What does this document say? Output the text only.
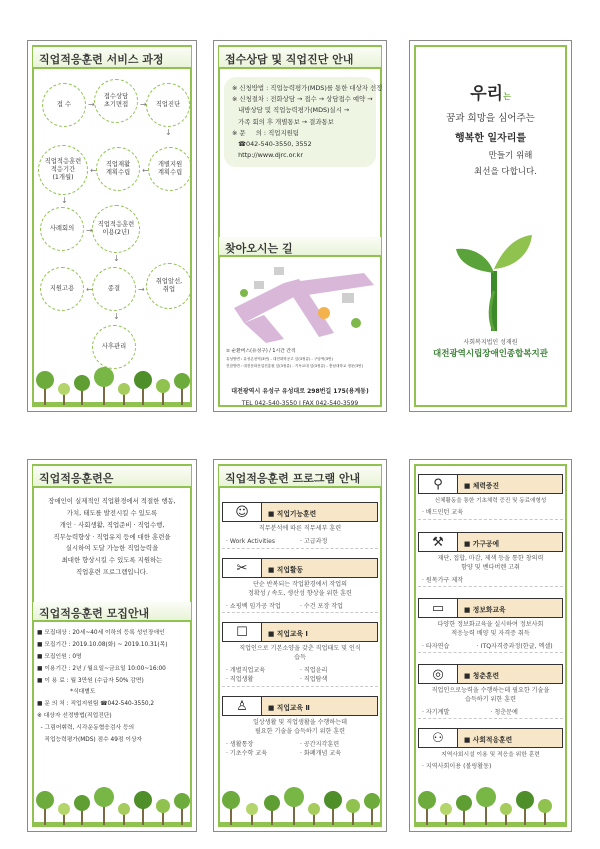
직업적응훈련 서비스 과정
접 수	→
접수상담
초기면접	→	직업진단
↓
직업적응훈련
적응기간
(1개월)
←
직업재활
계획수립	←
개별지원
계획수립
↓
사례회의	→
직업적응훈련
이용(2년)
↓
지원고용	←	종결	→
취업알선,
취업
↓
사후관리
접수상담 및 직업진단 안내
※ 신청방법 : 직업능력평가(MDS)를 통한 대상자 선정
※ 신청절차 : 전화상담 → 접수 → 상담접수 예약 →
내방상담 및 직업능력평가(MDS)실시 →
가족 회의 후 개별통보 → 결과통보
※ 문     의 : 직업지원팀
☎042-540-3550, 3552
http://www.djrc.or.kr
찾아오시는 길
≡ 순환버스(유성구) / 1시간 간격
유성방면 : 유성온천역(3번) - 대전화학공고 앞(3정류) - 구암역(3번)
진잠방면 : 대전문화산업진흥원 앞(3정류) - 기독교대 앞(3정류) - 충남대학교 정문(3번)
대전광역시 유성구 유성대로 298번길 175(용계동)
TEL 042-540-3550 I FAX 042-540-3599
우리는
꿈과 희망을 심어주는
행복한 일자리를
만들기 위해
최선을 다합니다.
사회복지법인 성재원
대전광역시립장애인종합복지관
직업적응훈련은
장애인이 실제적인 직업환경에서 적절한 행동,
가치, 태도를 발전시킬 수 있도록
개인 · 사회생활, 직업준비 · 직업수행,
직무능력향상 · 직업유지 등에 대한 훈련을
실시하여 도달 가능한 직업능력을
최대한 향상시킬 수 있도록 지원하는
직업훈련 프로그램입니다.
직업적응훈련 모집안내
■ 모집대상 : 20세~40세 이하의 등록 성인장애인
■ 모집기간 : 2019.10.08(화) ~ 2019.10.31(목)
■ 모집인원 : 0명
■ 이용기간 : 2년 / 월요일~금요일 10:00~16:00
■ 이 용 료 : 월 3만원 (수급자 50% 감면)
*식대별도
■ 문 의 처 : 직업지원팀 ☎042-540-3550,2
※ 대상자 선정방법(직업진단)
- 그림어휘력, 시각운동협응검사 등의
직업능력평가(MDS) 점수 49점 이상자
직업적응훈련 프로그램 안내
☺	■ 직업기능훈련
직무분석에 따른 직무세부 훈련
· Work Activities	· 고급과정
✂	■ 직업활동
단순 반복되는 작업환경에서 작업의
정확성 / 속도, 생산성 향상을 위한 훈련
· 쇼핑백 임가공 작업	· 수건 포장 작업
☐	■ 직업교육 Ⅰ
직업인으로 기본소양을 갖춘 직업태도 및 인식
습득
· 개별직업교육	· 직업윤리
· 직업생활	· 직업탐색
♙	■ 직업교육 Ⅱ
일상생활 및 직업생활을 수행하는데
필요한 기술을 습득하기 위한 훈련
· 생활통장	· 공간지각훈련
· 기초수학 교육	· 화폐개념 교육
⚲	■ 체력증진
신체활동을 통한 기초체력 증진 및 동료애형성
· 배드민턴 교육
⚒	■ 가구공예
재단, 접합, 마감, 제색 등을 통한 창의력
함양 및 벤다버렌 고취
· 원목가구 제작
▭	■ 정보화교육
다양한 정보화교육을 실시하여 정보사회
적응능력 배양 및 자격증 취득
· 타자연습	· ITQ자격증과정(한글, 엑셀)
◎	■ 청춘훈련
직업인으로능력을 수행하는데 필요한 기술을
습득하기 위한 훈련
· 자기계발	· 청춘문예
⚇	■ 사회적응훈련
지역사회시설 이용 및 적응을 위한 훈련
· 지역사회이용 (볼링활동)
